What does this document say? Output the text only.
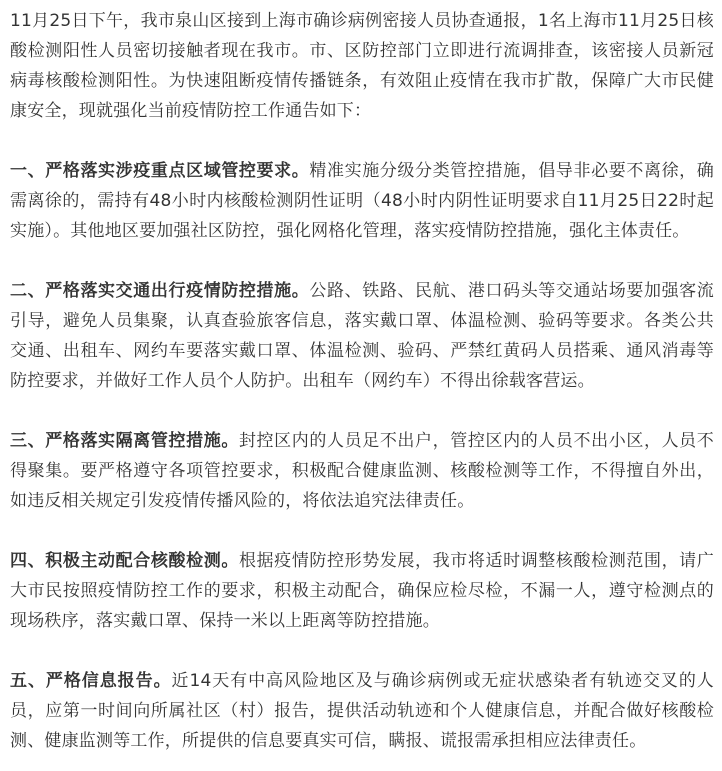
11月25日下午，我市泉山区接到上海市确诊病例密接人员协查通报，1名上海市11月25日核酸检测阳性人员密切接触者现在我市。市、区防控部门立即进行流调排查，该密接人员新冠病毒核酸检测阳性。为快速阻断疫情传播链条，有效阻止疫情在我市扩散，保障广大市民健康安全，现就强化当前疫情防控工作通告如下：

一、严格落实涉疫重点区域管控要求。精准实施分级分类管控措施，倡导非必要不离徐，确需离徐的，需持有48小时内核酸检测阴性证明（48小时内阴性证明要求自11月25日22时起实施）。其他地区要加强社区防控，强化网格化管理，落实疫情防控措施，强化主体责任。

二、严格落实交通出行疫情防控措施。公路、铁路、民航、港口码头等交通站场要加强客流引导，避免人员集聚，认真查验旅客信息，落实戴口罩、体温检测、验码等要求。各类公共交通、出租车、网约车要落实戴口罩、体温检测、验码、严禁红黄码人员搭乘、通风消毒等防控要求，并做好工作人员个人防护。出租车（网约车）不得出徐载客营运。

三、严格落实隔离管控措施。封控区内的人员足不出户，管控区内的人员不出小区，人员不得聚集。要严格遵守各项管控要求，积极配合健康监测、核酸检测等工作，不得擅自外出，如违反相关规定引发疫情传播风险的，将依法追究法律责任。

四、积极主动配合核酸检测。根据疫情防控形势发展，我市将适时调整核酸检测范围，请广大市民按照疫情防控工作的要求，积极主动配合，确保应检尽检，不漏一人，遵守检测点的现场秩序，落实戴口罩、保持一米以上距离等防控措施。

五、严格信息报告。近14天有中高风险地区及与确诊病例或无症状感染者有轨迹交叉的人员，应第一时间向所属社区（村）报告，提供活动轨迹和个人健康信息，并配合做好核酸检测、健康监测等工作，所提供的信息要真实可信，瞒报、谎报需承担相应法律责任。
